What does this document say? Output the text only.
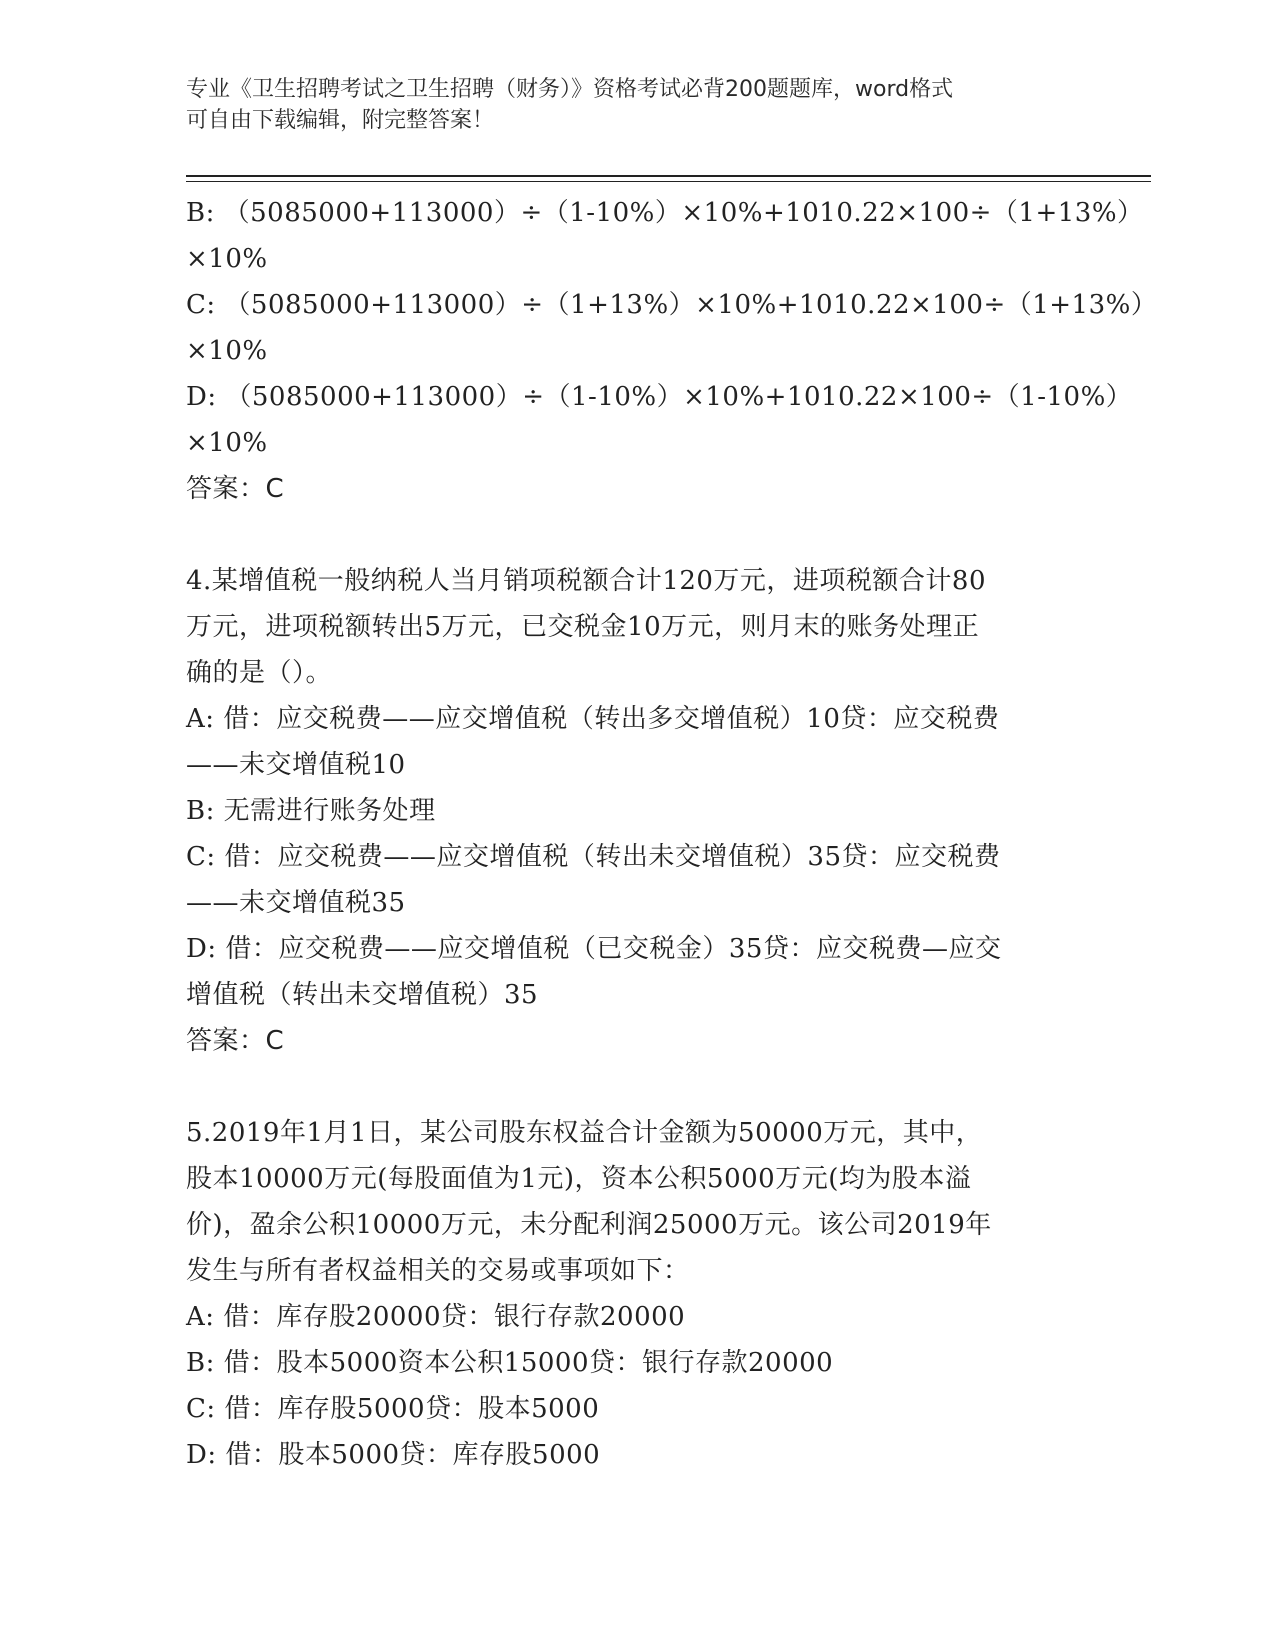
专业《卫生招聘考试之卫生招聘（财务）》资格考试必背200题题库，word格式
可自由下载编辑，附完整答案！
B: （5085000+113000）÷（1-10%）×10%+1010.22×100÷（1+13%）
×10%
C: （5085000+113000）÷（1+13%）×10%+1010.22×100÷（1+13%）
×10%
D: （5085000+113000）÷（1-10%）×10%+1010.22×100÷（1-10%）
×10%
答案：C
4.某增值税一般纳税人当月销项税额合计120万元，进项税额合计80
万元，进项税额转出5万元，已交税金10万元，则月末的账务处理正
确的是（）。
A: 借：应交税费——应交增值税（转出多交增值税）10贷：应交税费
——未交增值税10
B: 无需进行账务处理
C: 借：应交税费——应交增值税（转出未交增值税）35贷：应交税费
——未交增值税35
D: 借：应交税费——应交增值税（已交税金）35贷：应交税费—应交
增值税（转出未交增值税）35
答案：C
5.2019年1月1日，某公司股东权益合计金额为50000万元，其中，
股本10000万元(每股面值为1元)，资本公积5000万元(均为股本溢
价)，盈余公积10000万元，未分配利润25000万元。该公司2019年
发生与所有者权益相关的交易或事项如下：
A: 借：库存股20000贷：银行存款20000
B: 借：股本5000资本公积15000贷：银行存款20000
C: 借：库存股5000贷：股本5000
D: 借：股本5000贷：库存股5000
